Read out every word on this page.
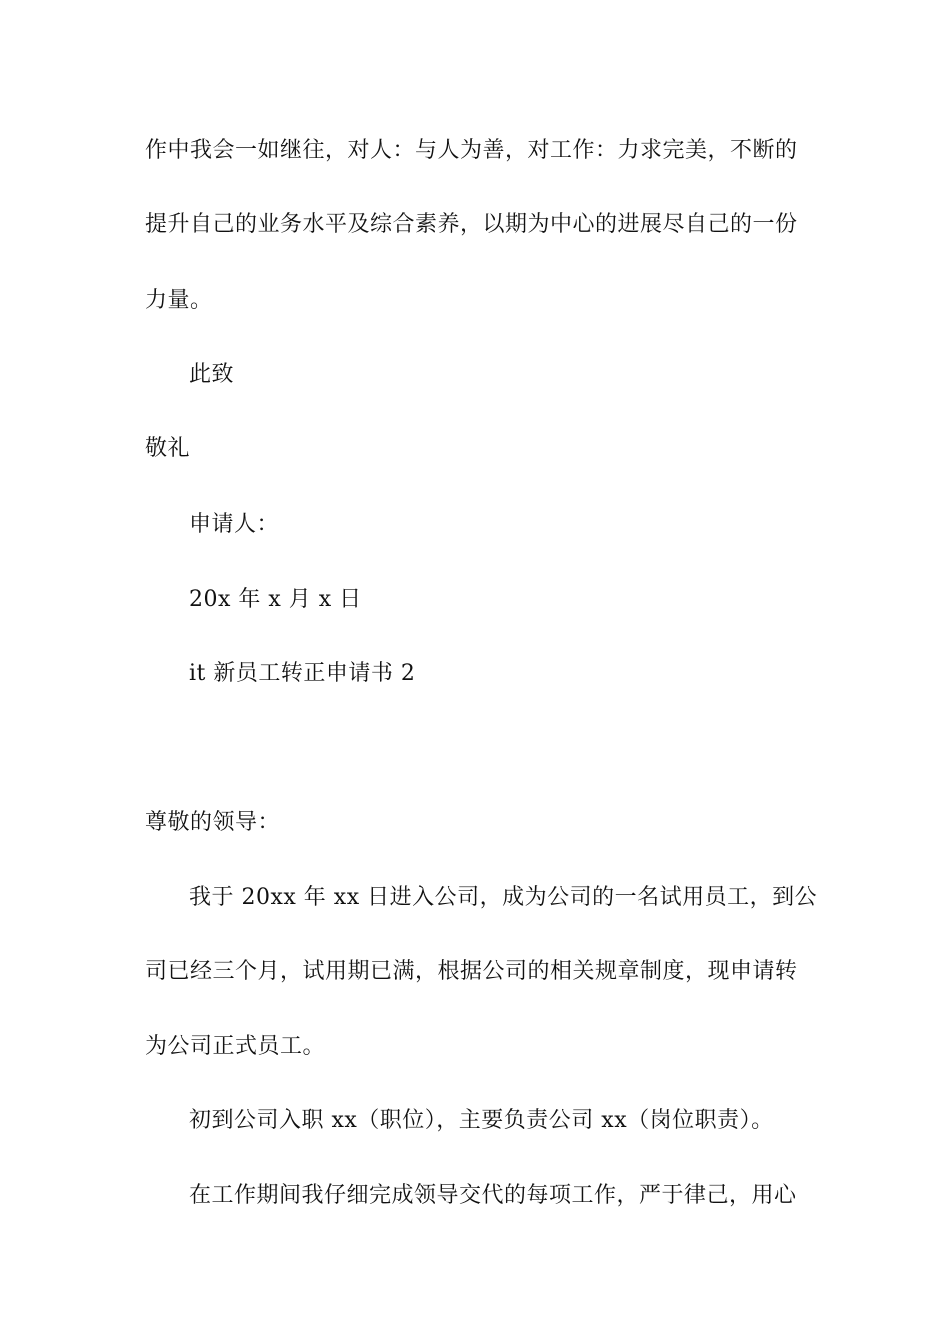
作中我会一如继往，对人：与人为善，对工作：力求完美，不断的
提升自己的业务水平及综合素养，以期为中心的进展尽自己的一份
力量。
此致
敬礼
申请人：
20x 年 x 月 x 日
it 新员工转正申请书 2
尊敬的领导：
我于 20xx 年 xx 日进入公司，成为公司的一名试用员工，到公
司已经三个月，试用期已满，根据公司的相关规章制度，现申请转
为公司正式员工。
初到公司入职 xx（职位），主要负责公司 xx（岗位职责）。
在工作期间我仔细完成领导交代的每项工作，严于律己，用心
